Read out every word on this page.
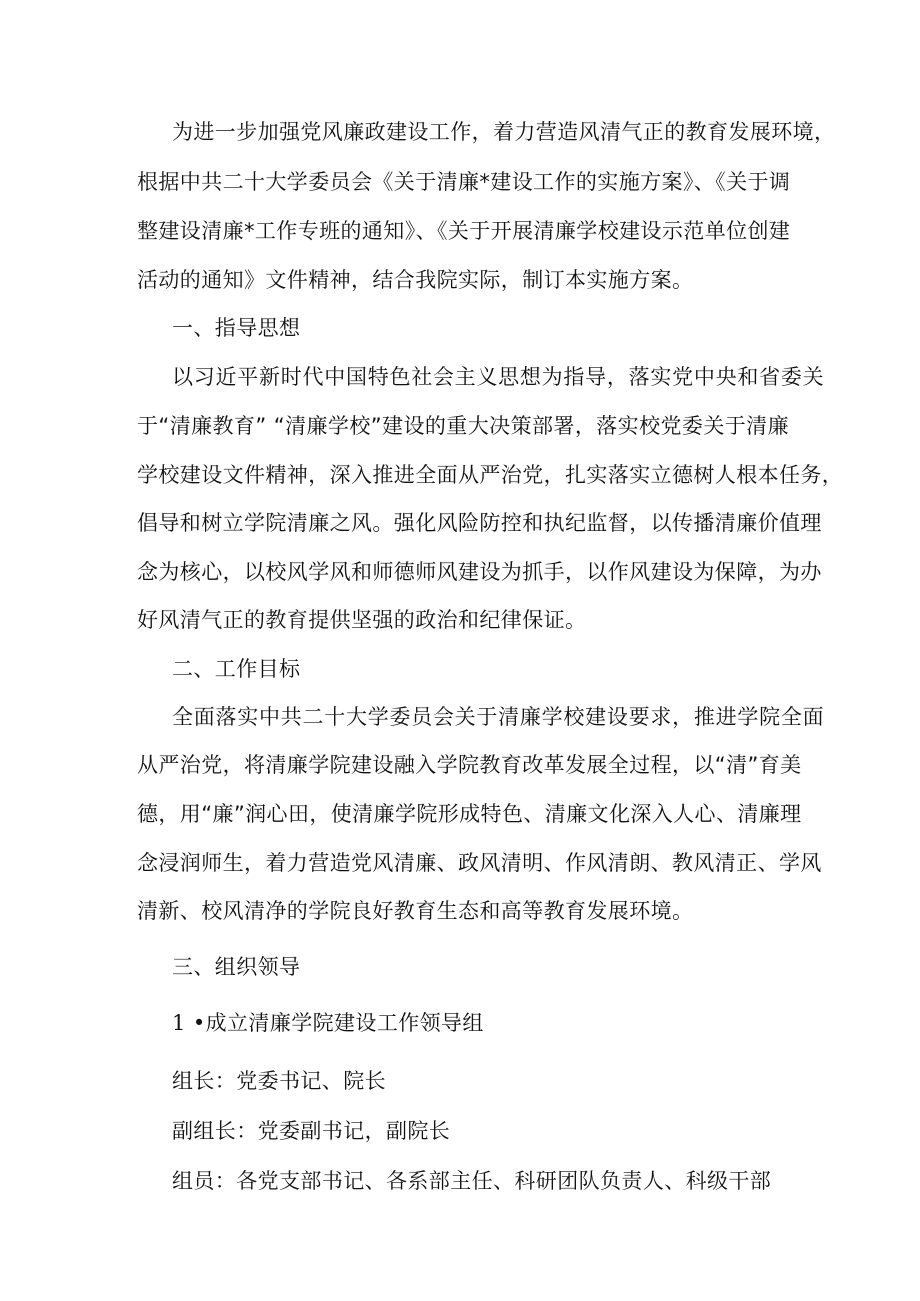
为进一步加强党风廉政建设工作，着力营造风清气正的教育发展环境，
根据中共二十大学委员会《关于清廉*建设工作的实施方案》、《关于调
整建设清廉*工作专班的通知》、《关于开展清廉学校建设示范单位创建
活动的通知》文件精神，结合我院实际，制订本实施方案。
一、指导思想
以习近平新时代中国特色社会主义思想为指导，落实党中央和省委关
于“清廉教育” “清廉学校”建设的重大决策部署，落实校党委关于清廉
学校建设文件精神，深入推进全面从严治党，扎实落实立德树人根本任务，
倡导和树立学院清廉之风。强化风险防控和执纪监督，以传播清廉价值理
念为核心，以校风学风和师德师风建设为抓手，以作风建设为保障，为办
好风清气正的教育提供坚强的政治和纪律保证。
二、工作目标
全面落实中共二十大学委员会关于清廉学校建设要求，推进学院全面
从严治党，将清廉学院建设融入学院教育改革发展全过程，以“清”育美
德，用“廉”润心田，使清廉学院形成特色、清廉文化深入人心、清廉理
念浸润师生，着力营造党风清廉、政风清明、作风清朗、教风清正、学风
清新、校风清净的学院良好教育生态和高等教育发展环境。
三、组织领导
1 •成立清廉学院建设工作领导组
组长：党委书记、院长
副组长：党委副书记，副院长
组员：各党支部书记、各系部主任、科研团队负责人、科级干部
